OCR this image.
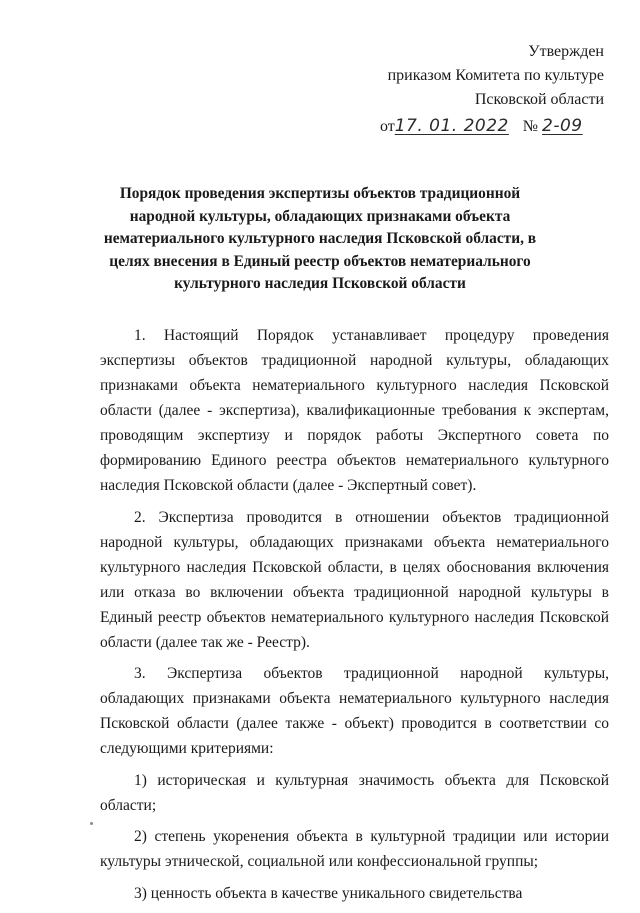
Утвержден
приказом Комитета по культуре
Псковской области
от17. 01. 2022 № 2-09
Порядок проведения экспертизы объектов традиционной народной культуры, обладающих признаками объекта нематериального культурного наследия Псковской области, в целях внесения в Единый реестр объектов нематериального культурного наследия Псковской области

1. Настоящий Порядок устанавливает процедуру проведения экспертизы объектов традиционной народной культуры, обладающих признаками объекта нематериального культурного наследия Псковской области (далее - экспертиза), квалификационные требования к экспертам, проводящим экспертизу и порядок работы Экспертного совета по формированию Единого реестра объектов нематериального культурного наследия Псковской области (далее - Экспертный совет).

2. Экспертиза проводится в отношении объектов традиционной народной культуры, обладающих признаками объекта нематериального культурного наследия Псковской области, в целях обоснования включения или отказа во включении объекта традиционной народной культуры в Единый реестр объектов нематериального культурного наследия Псковской области (далее так же - Реестр).

3. Экспертиза объектов традиционной народной культуры, обладающих признаками объекта нематериального культурного наследия Псковской области (далее также - объект) проводится в соответствии со следующими критериями:

1) историческая и культурная значимость объекта для Псковской области;

2) степень укоренения объекта в культурной традиции или истории культуры этнической, социальной или конфессиональной группы;

3) ценность объекта в качестве уникального свидетельства
